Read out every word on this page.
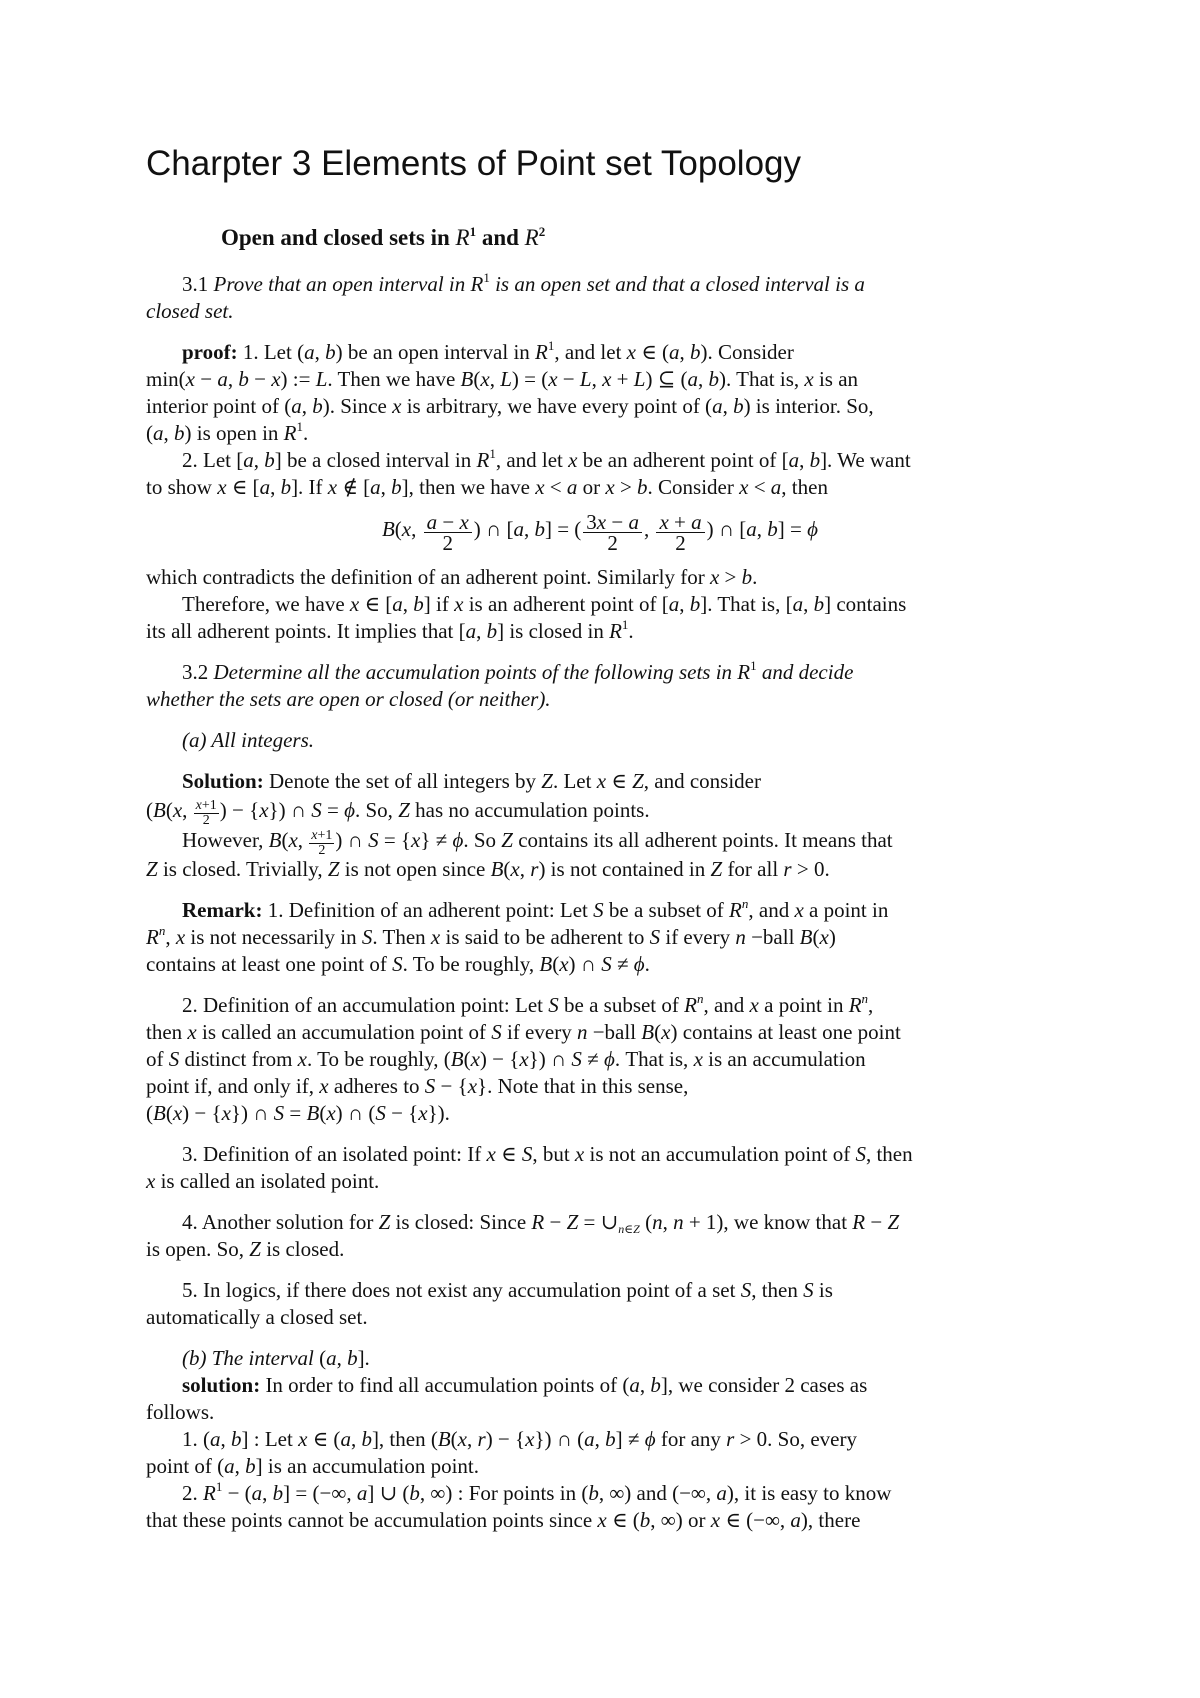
Charpter 3 Elements of Point set Topology
Open and closed sets in $R^1$ and $R^2$

3.1 Prove that an open interval in $R^1$ is an open set and that a closed interval is a

closed set.

proof: 1. Let (a, b) be an open interval in $R^1$, and let x ∈ (a, b). Consider

min(x − a, b − x) := L. Then we have B(x, L) = (x − L, x + L) ⊆ (a, b). That is, x is an

interior point of (a, b). Since x is arbitrary, we have every point of (a, b) is interior. So,

(a, b) is open in $R^1$.

2. Let [a, b] be a closed interval in $R^1$, and let x be an adherent point of [a, b]. We want

to show x ∈ [a, b]. If x ∉ [a, b], then we have x < a or x > b. Consider x < a, then

B(x, $\frac{a - x}{2}$ ) ∩ [a, b] = ( $\frac{3x - a}{2}$ , $\frac{x + a}{2}$ ) ∩ [a, b] = ϕ

which contradicts the definition of an adherent point. Similarly for x > b.

Therefore, we have x ∈ [a, b] if x is an adherent point of [a, b]. That is, [a, b] contains

its all adherent points. It implies that [a, b] is closed in $R^1$.

3.2 Determine all the accumulation points of the following sets in $R^1$ and decide

whether the sets are open or closed (or neither).

(a) All integers.

Solution: Denote the set of all integers by Z. Let x ∈ Z, and consider

(B(x, $\frac{x+1}{2}$ ) − {x}) ∩ S = ϕ. So, Z has no accumulation points.

However, B(x, $\frac{x+1}{2}$ ) ∩ S = {x} ≠ ϕ. So Z contains its all adherent points. It means that

Z is closed. Trivially, Z is not open since B(x, r) is not contained in Z for all r > 0.

Remark: 1. Definition of an adherent point: Let S be a subset of $R^n$, and x a point in

$R^n$, x is not necessarily in S. Then x is said to be adherent to S if every n −ball B(x)

contains at least one point of S. To be roughly, B(x) ∩ S ≠ ϕ.

2. Definition of an accumulation point: Let S be a subset of $R^n$, and x a point in $R^n$,

then x is called an accumulation point of S if every n −ball B(x) contains at least one point

of S distinct from x. To be roughly, (B(x) − {x}) ∩ S ≠ ϕ. That is, x is an accumulation

point if, and only if, x adheres to S − {x}. Note that in this sense,

(B(x) − {x}) ∩ S = B(x) ∩ (S − {x}).

3. Definition of an isolated point: If x ∈ S, but x is not an accumulation point of S, then

x is called an isolated point.

4. Another solution for Z is closed: Since $R - Z = \cup_{n\in Z}$ (n, n + 1), we know that R − Z

is open. So, Z is closed.

5. In logics, if there does not exist any accumulation point of a set S, then S is

automatically a closed set.

(b) The interval (a, b].

solution: In order to find all accumulation points of (a, b], we consider 2 cases as

follows.

1. (a, b] : Let x ∈ (a, b], then (B(x, r) − {x}) ∩ (a, b] ≠ ϕ for any r > 0. So, every

point of (a, b] is an accumulation point.

2. $R^1 - (a$, b] = (−∞, a] ∪ (b, ∞) : For points in (b, ∞) and (−∞, a), it is easy to know

that these points cannot be accumulation points since x ∈ (b, ∞) or x ∈ (−∞, a), there
